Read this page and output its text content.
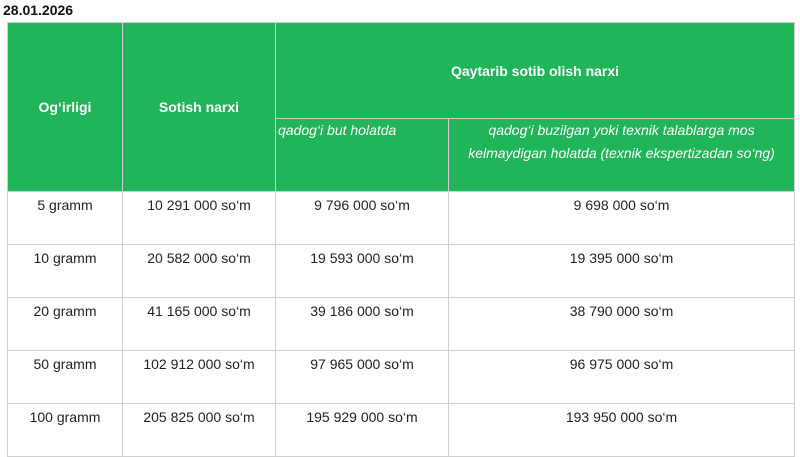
28.01.2026
Og‘irligi	Sotish narxi	Qaytarib sotib olish narxi	
		qadog‘i but holatda	qadog‘i buzilgan yoki texnik talablarga mos kelmaydigan holatda (texnik ekspertizadan so‘ng)
5 gramm	10 291 000 so‘m	9 796 000 so‘m	9 698 000 so‘m
10 gramm	20 582 000 so‘m	19 593 000 so‘m	19 395 000 so‘m
20 gramm	41 165 000 so‘m	39 186 000 so‘m	38 790 000 so‘m
50 gramm	102 912 000 so‘m	97 965 000 so‘m	96 975 000 so‘m
100 gramm	205 825 000 so‘m	195 929 000 so‘m	193 950 000 so‘m
